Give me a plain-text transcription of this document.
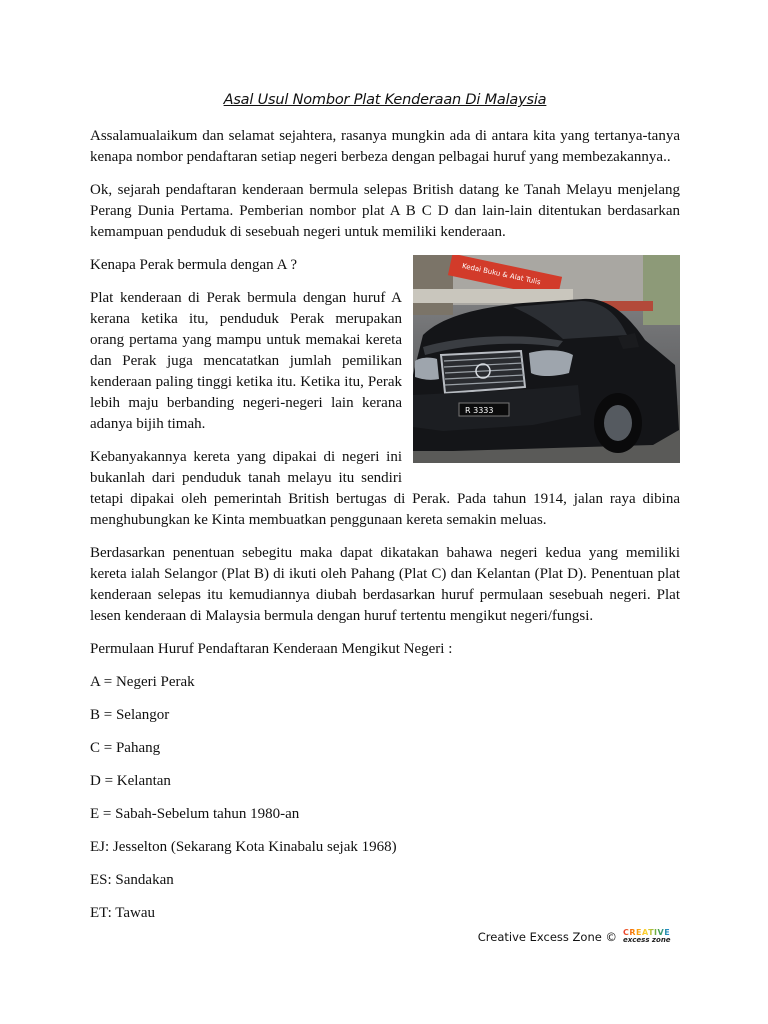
Asal Usul Nombor Plat Kenderaan Di Malaysia

Assalamualaikum dan selamat sejahtera, rasanya mungkin ada di antara kita yang tertanya-tanya kenapa nombor pendaftaran setiap negeri berbeza dengan pelbagai huruf yang membezakannya..

Ok, sejarah pendaftaran kenderaan bermula selepas British datang ke Tanah Melayu menjelang Perang Dunia Pertama. Pemberian nombor plat A B C D dan lain-lain ditentukan berdasarkan kemampuan penduduk di sesebuah negeri untuk memiliki kenderaan.

Kedai Buku & Alat Tulis
R 3333

Kenapa Perak bermula dengan A ?

Plat kenderaan di Perak bermula dengan huruf A kerana ketika itu, penduduk Perak merupakan orang pertama yang mampu untuk memakai kereta dan Perak juga mencatatkan jumlah pemilikan kenderaan paling tinggi ketika itu. Ketika itu, Perak lebih maju berbanding negeri-negeri lain kerana adanya bijih timah.

Kebanyakannya kereta yang dipakai di negeri ini bukanlah dari penduduk tanah melayu itu sendiri tetapi dipakai oleh pemerintah British bertugas di Perak. Pada tahun 1914, jalan raya dibina menghubungkan ke Kinta membuatkan penggunaan kereta semakin meluas.

Berdasarkan penentuan sebegitu maka dapat dikatakan bahawa negeri kedua yang memiliki kereta ialah Selangor (Plat B) di ikuti oleh Pahang (Plat C) dan Kelantan (Plat D). Penentuan plat kenderaan selepas itu kemudiannya diubah berdasarkan huruf permulaan sesebuah negeri. Plat lesen kenderaan di Malaysia bermula dengan huruf tertentu mengikut negeri/fungsi.

Permulaan Huruf Pendaftaran Kenderaan Mengikut Negeri :

A = Negeri Perak

B = Selangor

C = Pahang

D = Kelantan

E = Sabah-Sebelum tahun 1980-an

EJ: Jesselton (Sekarang Kota Kinabalu sejak 1968)

ES: Sandakan

ET: Tawau

Creative Excess Zone © CREATIVE
excess zone
